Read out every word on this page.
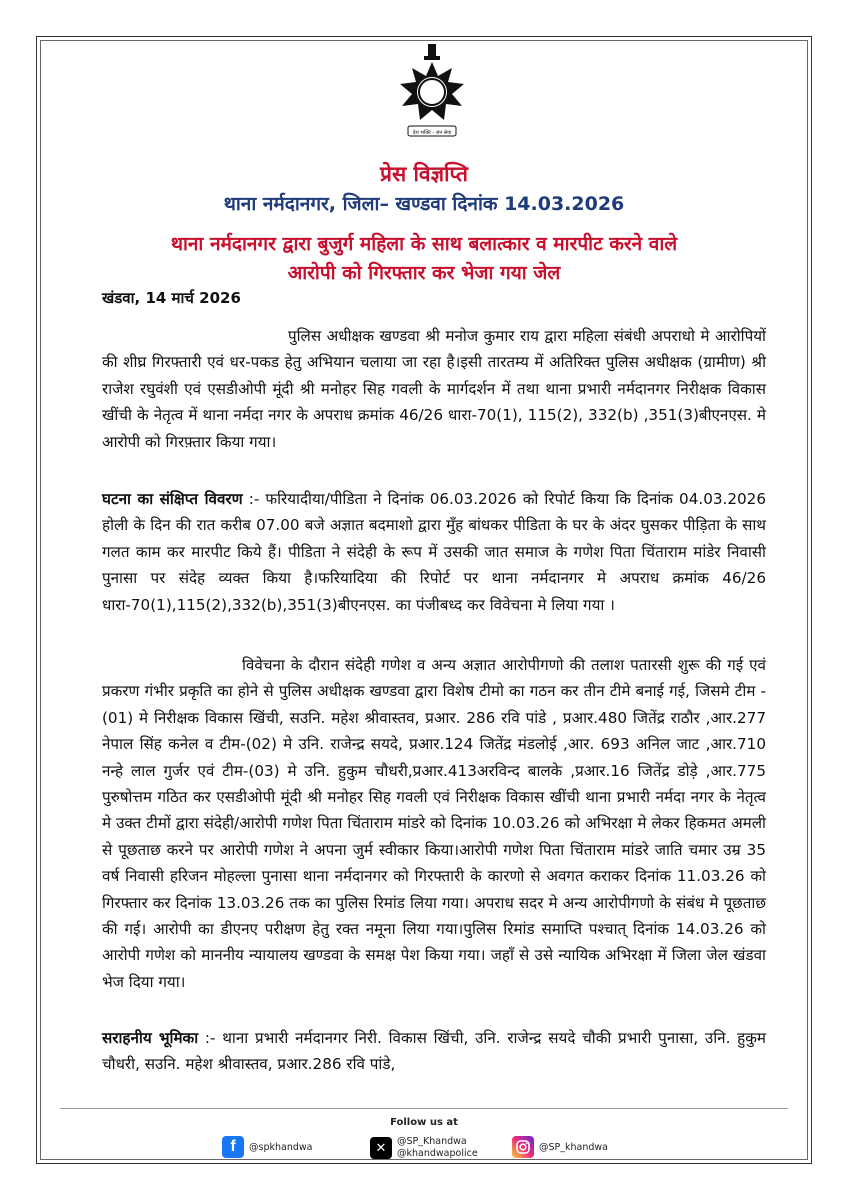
देश भक्ति - जन सेवा
प्रेस विज्ञप्ति
थाना नर्मदानगर, जिला– खण्डवा दिनांक 14.03.2026
थाना नर्मदानगर द्वारा बुजुर्ग महिला के साथ बलात्कार व मारपीट करने वाले
आरोपी को गिरफ्तार कर भेजा गया जेल
खंडवा, 14 मार्च 2026

पुलिस अधीक्षक खण्डवा श्री मनोज कुमार राय द्वारा महिला संबंधी अपराधो मे आरोपियों की शीघ्र गिरफ्तारी एवं धर-पकड हेतु अभियान चलाया जा रहा है।इसी तारतम्य में अतिरिक्त पुलिस अधीक्षक (ग्रामीण) श्री राजेश रघुवंशी एवं एसडीओपी मूंदी श्री मनोहर सिह गवली के मार्गदर्शन में तथा थाना प्रभारी नर्मदानगर निरीक्षक विकास खींची के नेतृत्व में थाना नर्मदा नगर के अपराध क्रमांक 46/26 धारा-70(1), 115(2), 332(b) ,351(3)बीएनएस. मे आरोपी को गिरफ़्तार किया गया।

घटना का संक्षिप्त विवरण :- फरियादीया/पीडिता ने दिनांक 06.03.2026 को रिपोर्ट किया कि दिनांक 04.03.2026 होली के दिन की रात करीब 07.00 बजे अज्ञात बदमाशो द्वारा मुँह बांधकर पीडिता के घर के अंदर घुसकर पीड़िता के साथ गलत काम कर मारपीट किये हैं। पीडिता ने संदेही के रूप में उसकी जात समाज के गणेश पिता चिंताराम मांडेर निवासी पुनासा पर संदेह व्यक्त किया है।फरियादिया की रिपोर्ट पर थाना नर्मदानगर मे अपराध क्रमांक 46/26 धारा-70(1),115(2),332(b),351(3)बीएनएस. का पंजीबध्द कर विवेचना मे लिया गया ।

विवेचना के दौरान संदेही गणेश व अन्य अज्ञात आरोपीगणो की तलाश पतारसी शुरू की गई एवं प्रकरण गंभीर प्रकृति का होने से पुलिस अधीक्षक खण्डवा द्वारा विशेष टीमो का गठन कर तीन टीमे बनाई गई, जिसमे टीम -(01) मे निरीक्षक विकास खिंची, सउनि. महेश श्रीवास्तव, प्रआर. 286 रवि पांडे , प्रआर.480 जितेंद्र राठौर ,आर.277 नेपाल सिंह कनेल व टीम-(02) मे उनि. राजेन्द्र सयदे, प्रआर.124 जितेंद्र मंडलोई ,आर. 693 अनिल जाट ,आर.710 नन्हे लाल गुर्जर एवं टीम-(03) मे उनि. हुकुम चौधरी,प्रआर.413अरविन्द बालके ,प्रआर.16 जितेंद्र डोड़े ,आर.775 पुरुषोत्तम गठित कर एसडीओपी मूंदी श्री मनोहर सिह गवली एवं निरीक्षक विकास खींची थाना प्रभारी नर्मदा नगर के नेतृत्व मे उक्त टीमों द्वारा संदेही/आरोपी गणेश पिता चिंताराम मांडरे को दिनांक 10.03.26 को अभिरक्षा मे लेकर हिकमत अमली से पूछताछ करने पर आरोपी गणेश ने अपना जुर्म स्वीकार किया।आरोपी गणेश पिता चिंताराम मांडरे जाति चमार उम्र 35 वर्ष निवासी हरिजन मोहल्ला पुनासा थाना नर्मदानगर को गिरफ्तारी के कारणो से अवगत कराकर दिनांक 11.03.26 को गिरफ्तार कर दिनांक 13.03.26 तक का पुलिस रिमांड लिया गया। अपराध सदर मे अन्य आरोपीगणो के संबंध मे पूछताछ की गई। आरोपी का डीएनए परीक्षण हेतु रक्त नमूना लिया गया।पुलिस रिमांड समाप्ति पश्चात् दिनांक 14.03.26 को आरोपी गणेश को माननीय न्यायालय खण्डवा के समक्ष पेश किया गया। जहाँ से उसे न्यायिक अभिरक्षा में जिला जेल खंडवा भेज दिया गया।

सराहनीय भूमिका :- थाना प्रभारी नर्मदानगर निरी. विकास खिंची, उनि. राजेन्द्र सयदे चौकी प्रभारी पुनासा, उनि. हुकुम चौधरी, सउनि. महेश श्रीवास्तव, प्रआर.286 रवि पांडे,

Follow us at
f	@spkhandwa	✕	@SP_Khandwa
@khandwapolice
@SP_khandwa
